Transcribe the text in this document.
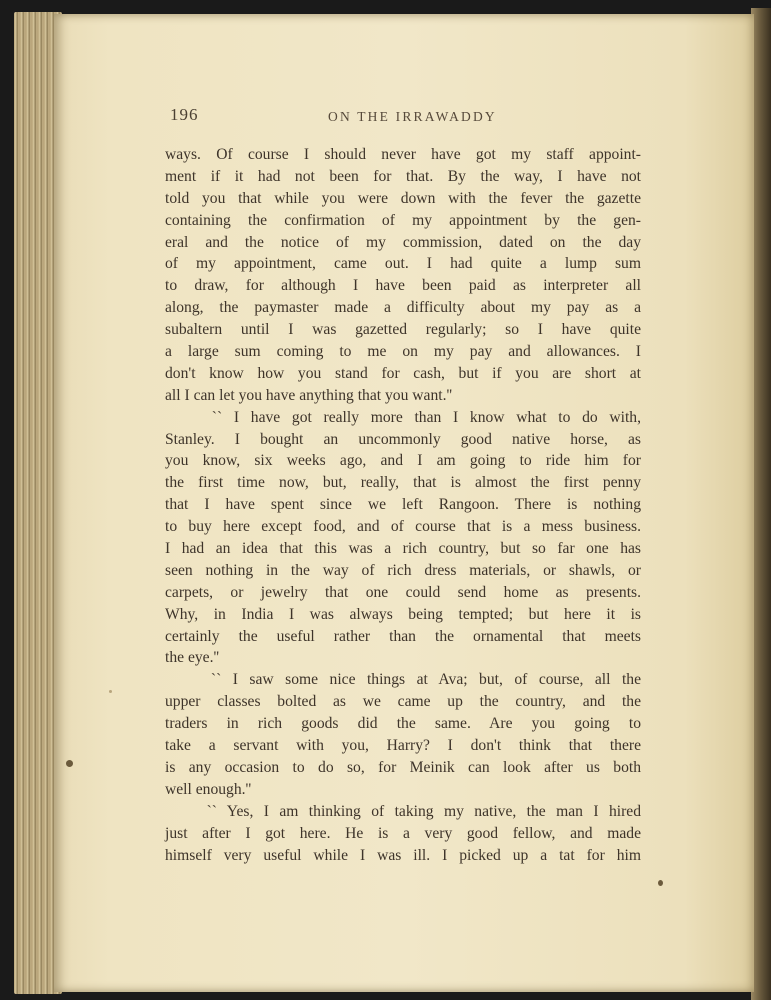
196	ON THE IRRAWADDY
ways. Of course I should never have got my staff appoint-
ment if it had not been for that. By the way, I have not
told you that while you were down with the fever the gazette
containing the confirmation of my appointment by the gen-
eral and the notice of my commission, dated on the day
of my appointment, came out. I had quite a lump sum
to draw, for although I have been paid as interpreter all
along, the paymaster made a difficulty about my pay as a
subaltern until I was gazetted regularly; so I have quite
a large sum coming to me on my pay and allowances. I
don't know how you stand for cash, but if you are short at
all I can let you have anything that you want.''
`` I have got really more than I know what to do with,
Stanley. I bought an uncommonly good native horse, as
you know, six weeks ago, and I am going to ride him for
the first time now, but, really, that is almost the first penny
that I have spent since we left Rangoon. There is nothing
to buy here except food, and of course that is a mess business.
I had an idea that this was a rich country, but so far one has
seen nothing in the way of rich dress materials, or shawls, or
carpets, or jewelry that one could send home as presents.
Why, in India I was always being tempted; but here it is
certainly the useful rather than the ornamental that meets
the eye.''
`` I saw some nice things at Ava; but, of course, all the
upper classes bolted as we came up the country, and the
traders in rich goods did the same. Are you going to
take a servant with you, Harry? I don't think that there
is any occasion to do so, for Meinik can look after us both
well enough.''
`` Yes, I am thinking of taking my native, the man I hired
just after I got here. He is a very good fellow, and made
himself very useful while I was ill. I picked up a tat for him
